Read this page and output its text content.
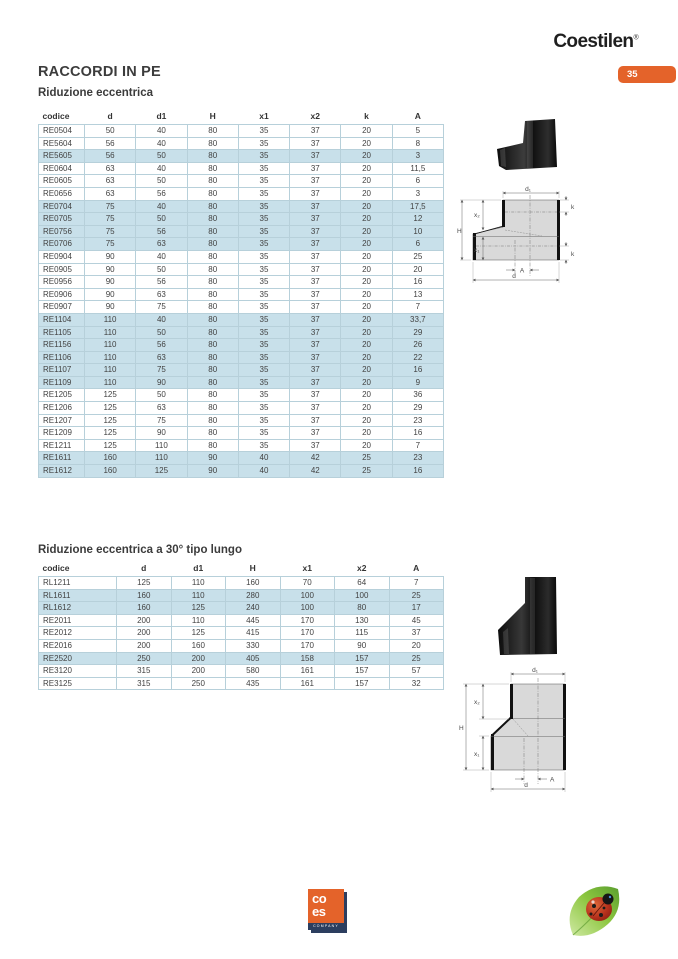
Coestilen®
35
RACCORDI IN PE
Riduzione eccentrica
codice	d	d1	H	x1	x2	k	A
RE0504	50	40	80	35	37	20	5
RE5604	56	40	80	35	37	20	8
RE5605	56	50	80	35	37	20	3
RE0604	63	40	80	35	37	20	11,5
RE0605	63	50	80	35	37	20	6
RE0656	63	56	80	35	37	20	3
RE0704	75	40	80	35	37	20	17,5
RE0705	75	50	80	35	37	20	12
RE0756	75	56	80	35	37	20	10
RE0706	75	63	80	35	37	20	6
RE0904	90	40	80	35	37	20	25
RE0905	90	50	80	35	37	20	20
RE0956	90	56	80	35	37	20	16
RE0906	90	63	80	35	37	20	13
RE0907	90	75	80	35	37	20	7
RE1104	110	40	80	35	37	20	33,7
RE1105	110	50	80	35	37	20	29
RE1156	110	56	80	35	37	20	26
RE1106	110	63	80	35	37	20	22
RE1107	110	75	80	35	37	20	16
RE1109	110	90	80	35	37	20	9
RE1205	125	50	80	35	37	20	36
RE1206	125	63	80	35	37	20	29
RE1207	125	75	80	35	37	20	23
RE1209	125	90	80	35	37	20	16
RE1211	125	110	80	35	37	20	7
RE1611	160	110	90	40	42	25	23
RE1612	160	125	90	40	42	25	16
d₁
H
x₂
x₁
k
k
A
d
Riduzione eccentrica a 30° tipo lungo
codice	d	d1	H	x1	x2	A
RL1211	125	110	160	70	64	7
RL1611	160	110	280	100	100	25
RL1612	160	125	240	100	80	17
RE2011	200	110	445	170	130	45
RE2012	200	125	415	170	115	37
RE2016	200	160	330	170	90	20
RE2520	250	200	405	158	157	25
RE3120	315	200	580	161	157	57
RE3125	315	250	435	161	157	32
d₁
H
x₂
x₁
A
d
co
es
COMPANY
